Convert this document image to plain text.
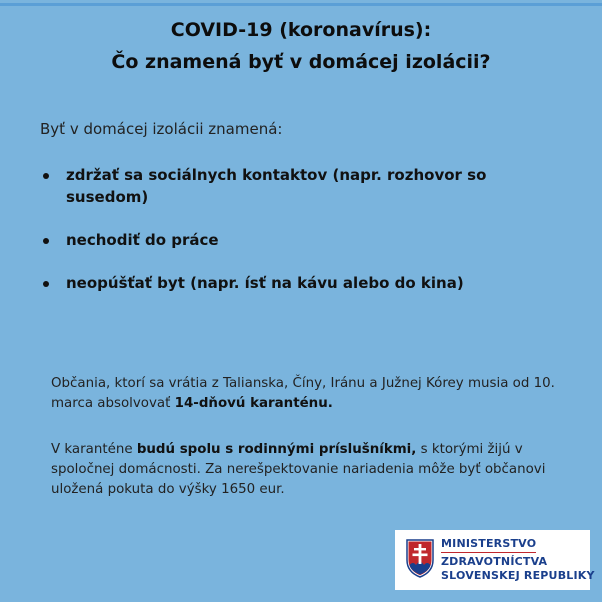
COVID-19 (koronavírus):
Čo znamená byť v domácej izolácii?
Byť v domácej izolácii znamená:
zdržať sa sociálnych kontaktov (napr. rozhovor so susedom)
nechodiť do práce
neopúšťať byt (napr. ísť na kávu alebo do kina)
Občania, ktorí sa vrátia z Talianska, Číny, Iránu a Južnej Kórey musia od 10. marca absolvovať 14-dňovú karanténu.
V karanténe budú spolu s rodinnými príslušníkmi, s ktorými žijú v spoločnej domácnosti. Za nerešpektovanie nariadenia môže byť občanovi uložená pokuta do výšky 1650 eur.
MINISTERSTVO
ZDRAVOTNÍCTVA
SLOVENSKEJ REPUBLIKY
